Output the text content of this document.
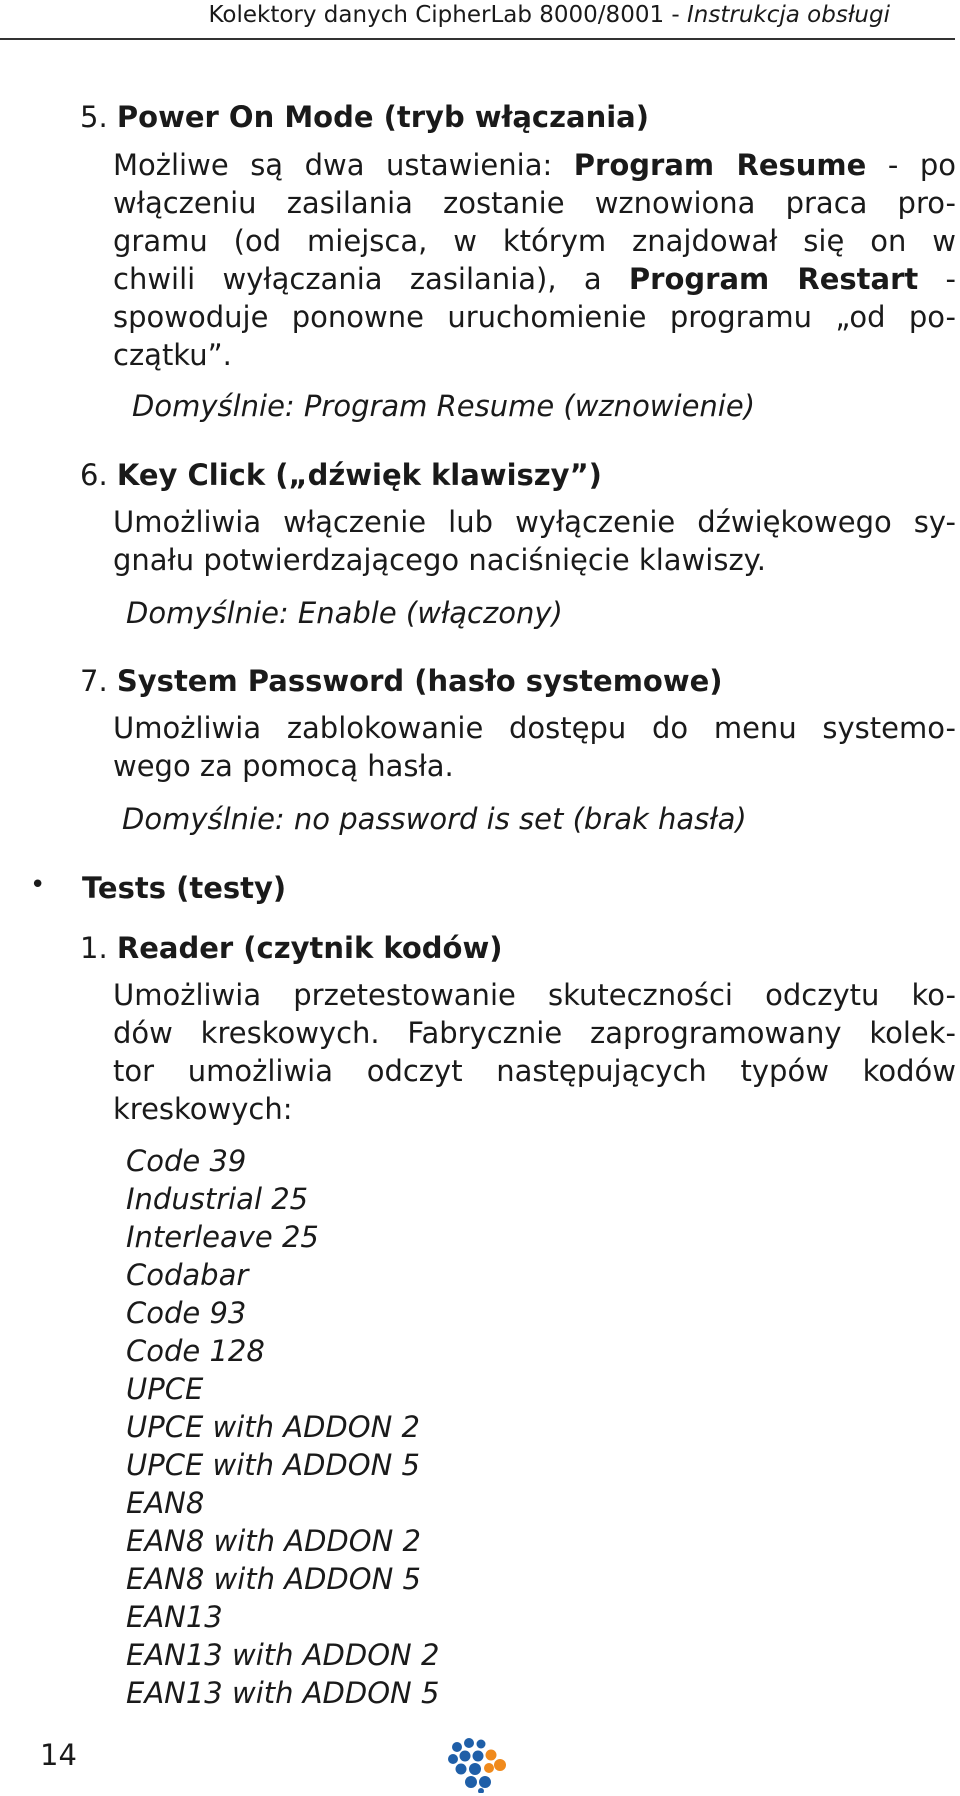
Kolektory danych CipherLab 8000/8001 - Instrukcja obsługi
5. Power On Mode (tryb włączania)
Możliwe są dwa ustawienia: Program Resume - po
włączeniu zasilania zostanie wznowiona praca pro-
gramu (od miejsca, w którym znajdował się on w
chwili wyłączania zasilania), a Program Restart -
spowoduje ponowne uruchomienie programu „od po-
czątku”.
Domyślnie: Program Resume (wznowienie)
6. Key Click („dźwięk klawiszy”)
Umożliwia włączenie lub wyłączenie dźwiękowego sy-
gnału potwierdzającego naciśnięcie klawiszy.
Domyślnie: Enable (włączony)
7. System Password (hasło systemowe)
Umożliwia zablokowanie dostępu do menu systemo-
wego za pomocą hasła.
Domyślnie: no password is set (brak hasła)
• Tests (testy)
1. Reader (czytnik kodów)
Umożliwia przetestowanie skuteczności odczytu ko-
dów kreskowych. Fabrycznie zaprogramowany kolek-
tor umożliwia odczyt następujących typów kodów
kreskowych:
Code 39
Industrial 25
Interleave 25
Codabar
Code 93
Code 128
UPCE
UPCE with ADDON 2
UPCE with ADDON 5
EAN8
EAN8 with ADDON 2
EAN8 with ADDON 5
EAN13
EAN13 with ADDON 2
EAN13 with ADDON 5
14
